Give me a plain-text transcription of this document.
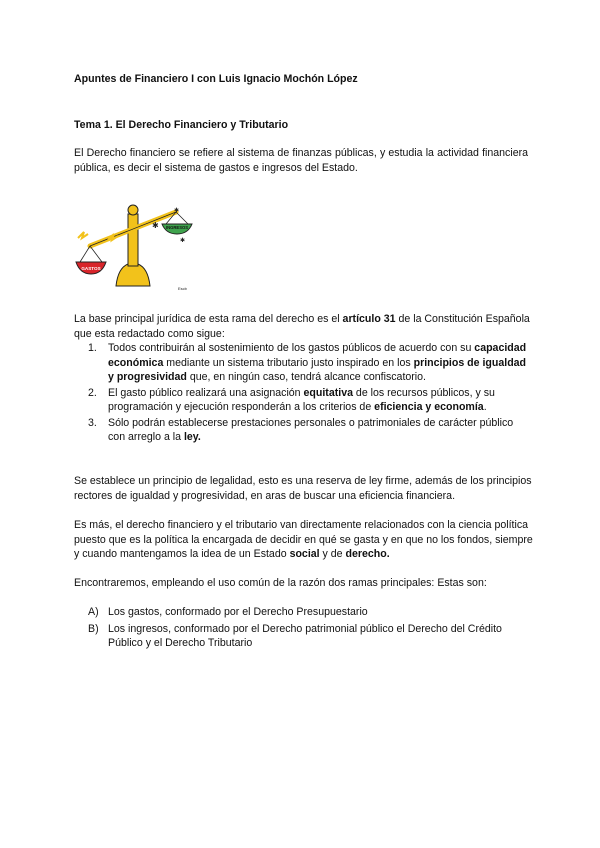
Apuntes de Financiero I con Luis Ignacio Mochón López
Tema 1. El Derecho Financiero y Tributario
El Derecho financiero se refiere al sistema de finanzas públicas, y estudia la actividad financiera pública, es decir el sistema de gastos e ingresos del Estado.
GASTOS
INGRESOS
✱
✱
✱
Escb
La base principal jurídica de esta rama del derecho es el artículo 31 de la Constitución Española que esta redactado como sigue:
1. Todos contribuirán al sostenimiento de los gastos públicos de acuerdo con su capacidad económica mediante un sistema tributario justo inspirado en los principios de igualdad y progresividad que, en ningún caso, tendrá alcance confiscatorio.
2. El gasto público realizará una asignación equitativa de los recursos públicos, y su programación y ejecución responderán a los criterios de eficiencia y economía.
3. Sólo podrán establecerse prestaciones personales o patrimoniales de carácter público con arreglo a la ley.
Se establece un principio de legalidad, esto es una reserva de ley firme, además de los principios rectores de igualdad y progresividad, en aras de buscar una eficiencia financiera.
Es más, el derecho financiero y el tributario van directamente relacionados con la ciencia política puesto que es la política la encargada de decidir en qué se gasta y en que no los fondos, siempre y cuando mantengamos la idea de un Estado social y de derecho.
Encontraremos, empleando el uso común de la razón dos ramas principales: Estas son:
A) Los gastos, conformado por el Derecho Presupuestario
B) Los ingresos, conformado por el Derecho patrimonial público el Derecho del Crédito Público y el Derecho Tributario
